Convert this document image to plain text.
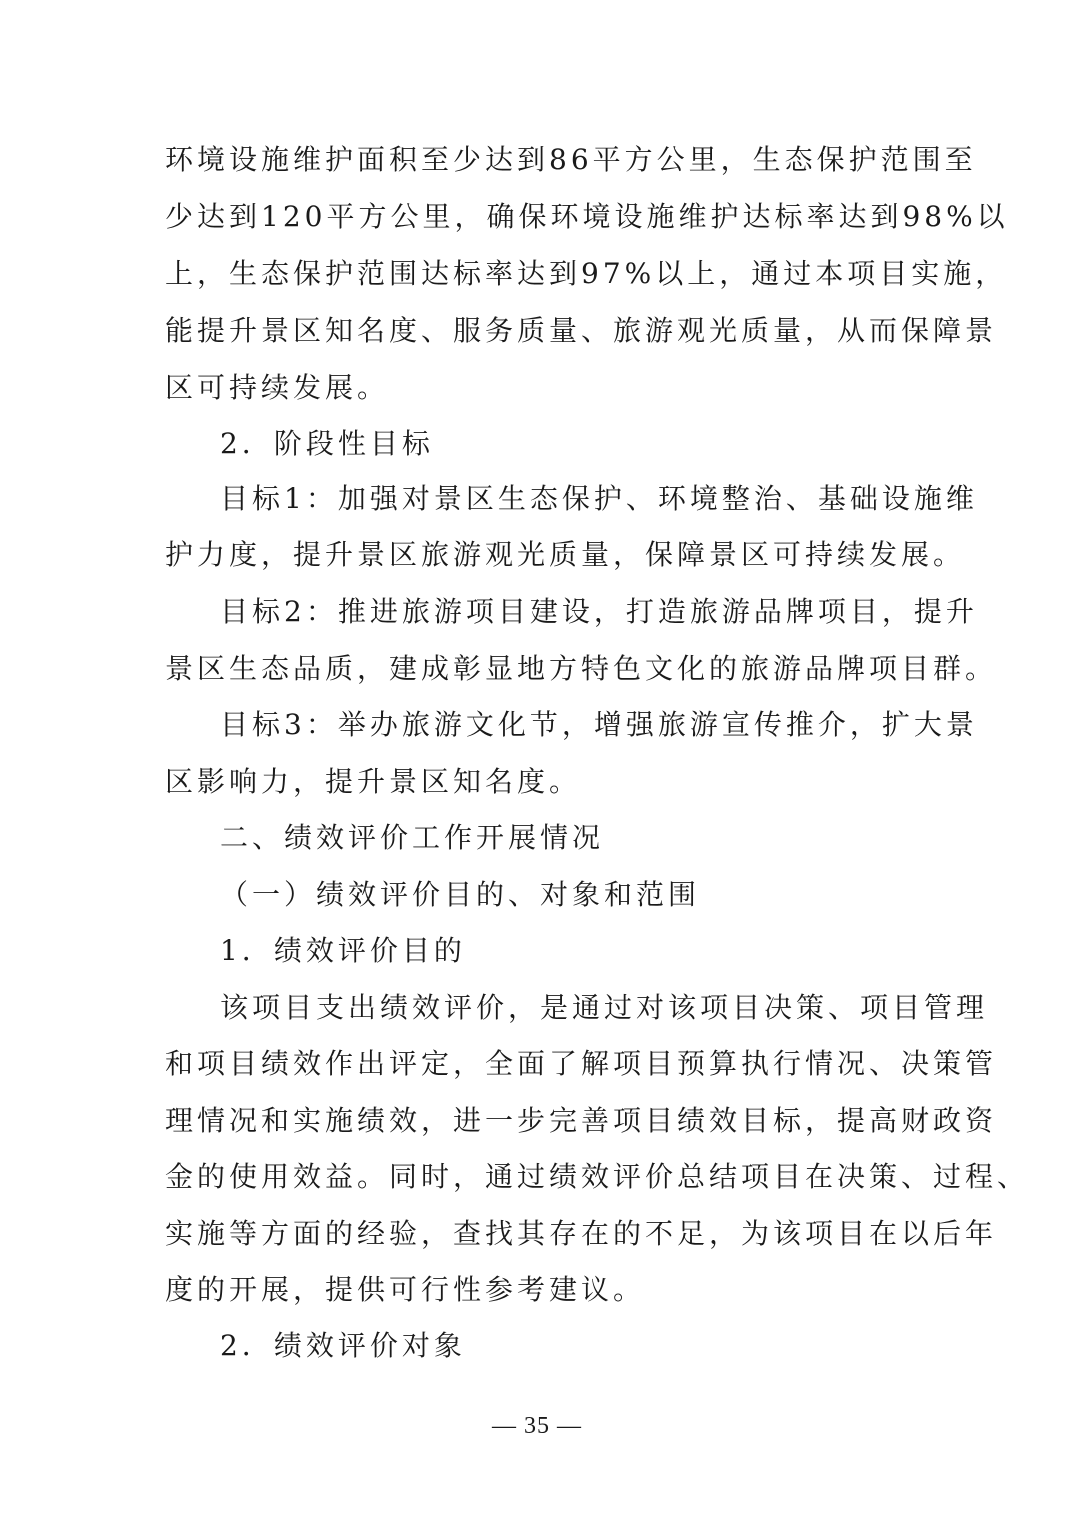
环境设施维护面积至少达到86平方公里，生态保护范围至
少达到120平方公里，确保环境设施维护达标率达到98%以
上，生态保护范围达标率达到97%以上，通过本项目实施，
能提升景区知名度、服务质量、旅游观光质量，从而保障景
区可持续发展。
2．阶段性目标
目标1：加强对景区生态保护、环境整治、基础设施维
护力度，提升景区旅游观光质量，保障景区可持续发展。
目标2：推进旅游项目建设，打造旅游品牌项目，提升
景区生态品质，建成彰显地方特色文化的旅游品牌项目群。
目标3：举办旅游文化节，增强旅游宣传推介，扩大景
区影响力，提升景区知名度。
二、绩效评价工作开展情况
（一）绩效评价目的、对象和范围
1．绩效评价目的
该项目支出绩效评价，是通过对该项目决策、项目管理
和项目绩效作出评定，全面了解项目预算执行情况、决策管
理情况和实施绩效，进一步完善项目绩效目标，提高财政资
金的使用效益。同时，通过绩效评价总结项目在决策、过程、
实施等方面的经验，查找其存在的不足，为该项目在以后年
度的开展，提供可行性参考建议。
2．绩效评价对象
— 35 —
